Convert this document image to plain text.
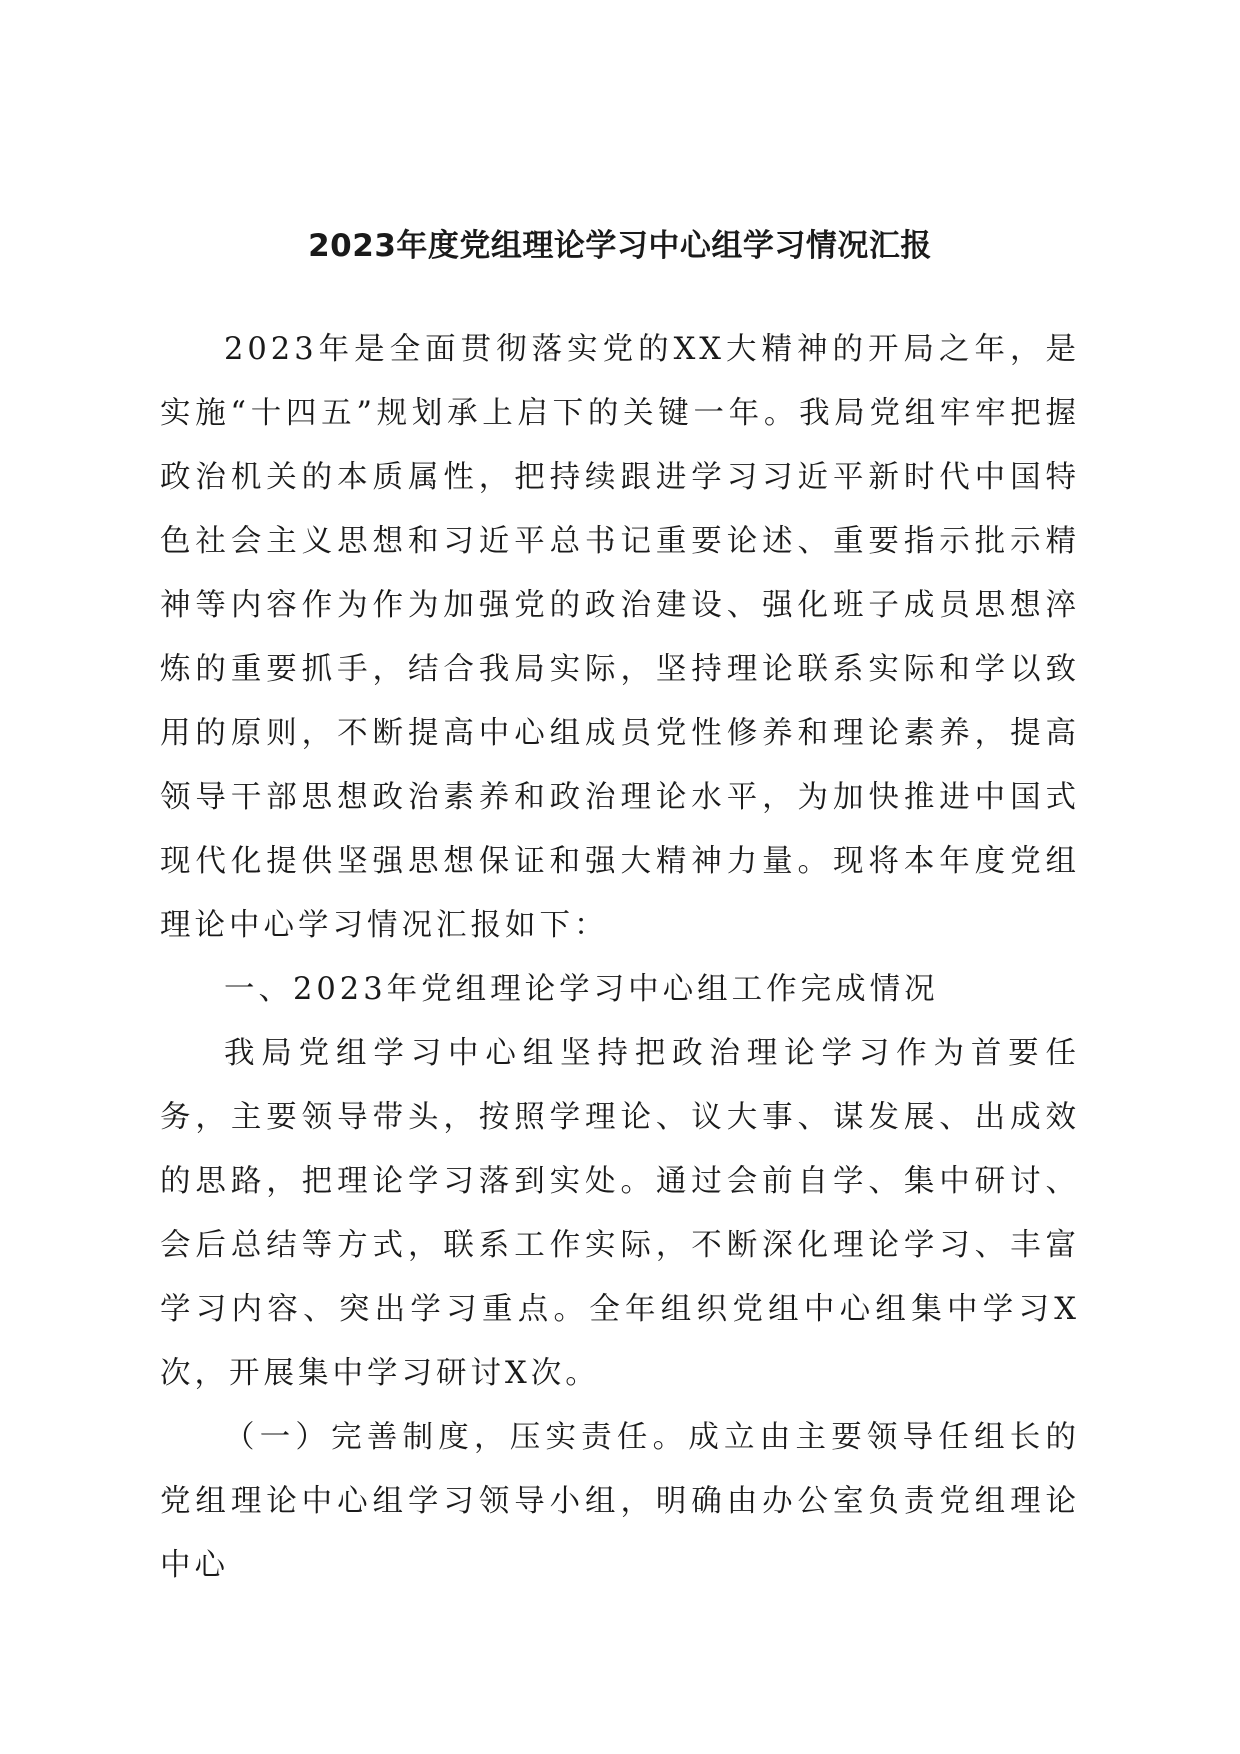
2023年度党组理论学习中心组学习情况汇报

2023年是全面贯彻落实党的XX大精神的开局之年，是实施“十四五”规划承上启下的关键一年。我局党组牢牢把握政治机关的本质属性，把持续跟进学习习近平新时代中国特色社会主义思想和习近平总书记重要论述、重要指示批示精神等内容作为作为加强党的政治建设、强化班子成员思想淬炼的重要抓手，结合我局实际，坚持理论联系实际和学以致用的原则，不断提高中心组成员党性修养和理论素养，提高领导干部思想政治素养和政治理论水平，为加快推进中国式现代化提供坚强思想保证和强大精神力量。现将本年度党组理论中心学习情况汇报如下：

一、2023年党组理论学习中心组工作完成情况

我局党组学习中心组坚持把政治理论学习作为首要任务，主要领导带头，按照学理论、议大事、谋发展、出成效的思路，把理论学习落到实处。通过会前自学、集中研讨、会后总结等方式，联系工作实际，不断深化理论学习、丰富学习内容、突出学习重点。全年组织党组中心组集中学习X次，开展集中学习研讨X次。

（一）完善制度，压实责任。成立由主要领导任组长的党组理论中心组学习领导小组，明确由办公室负责党组理论中心
